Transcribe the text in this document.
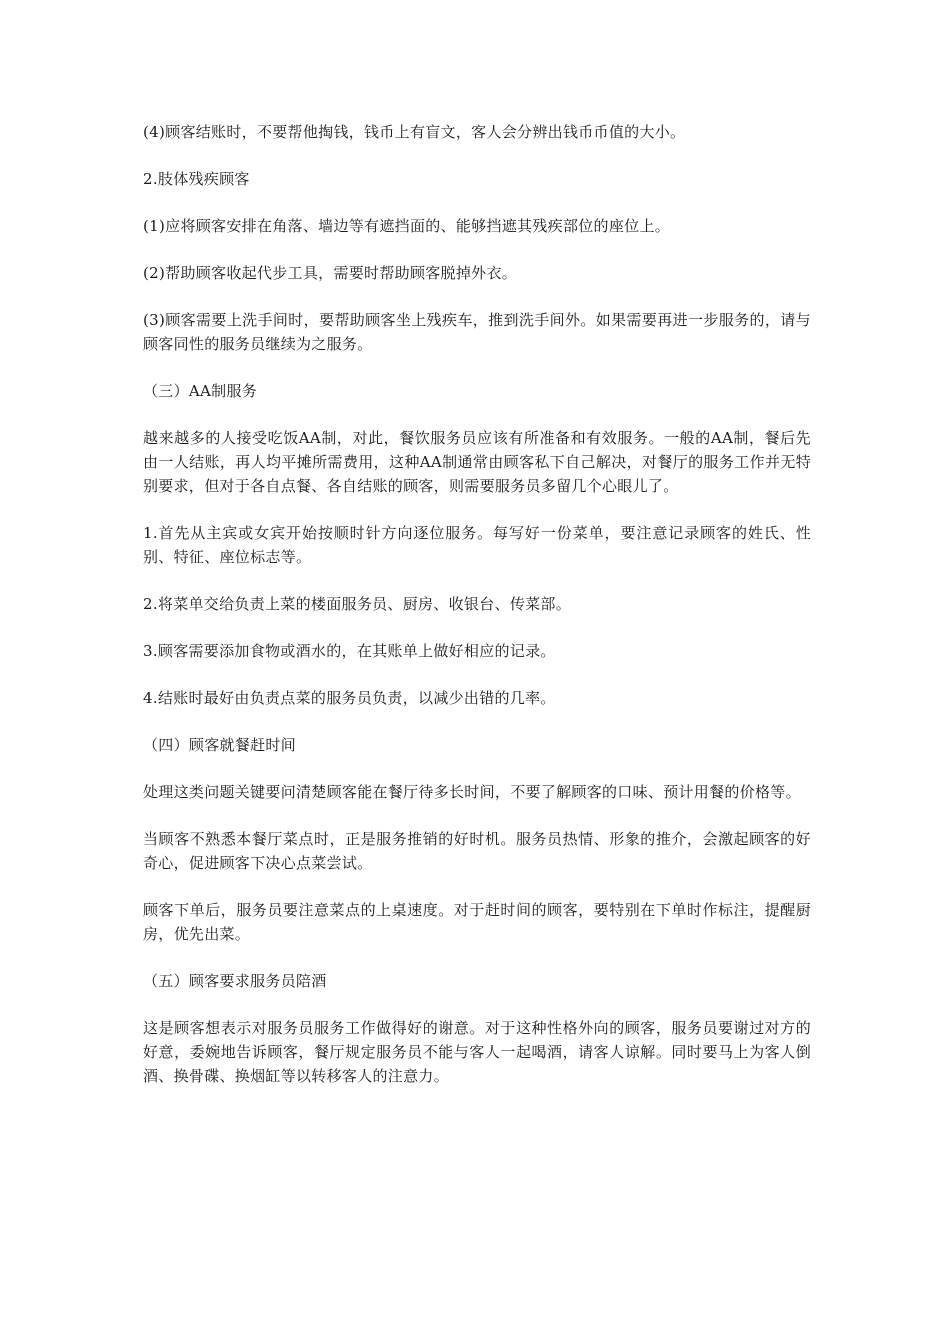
(4)顾客结账时，不要帮他掏钱，钱币上有盲文，客人会分辨出钱币币值的大小。

2.肢体残疾顾客

(1)应将顾客安排在角落、墙边等有遮挡面的、能够挡遮其残疾部位的座位上。

(2)帮助顾客收起代步工具，需要时帮助顾客脱掉外衣。

(3)顾客需要上洗手间时，要帮助顾客坐上残疾车，推到洗手间外。如果需要再进一步服务的，请与顾客同性的服务员继续为之服务。

（三）AA制服务

越来越多的人接受吃饭AA制，对此，餐饮服务员应该有所准备和有效服务。一般的AA制，餐后先由一人结账，再人均平摊所需费用，这种AA制通常由顾客私下自己解决，对餐厅的服务工作并无特别要求，但对于各自点餐、各自结账的顾客，则需要服务员多留几个心眼儿了。

1.首先从主宾或女宾开始按顺时针方向逐位服务。每写好一份菜单，要注意记录顾客的姓氏、性别、特征、座位标志等。

2.将菜单交给负责上菜的楼面服务员、厨房、收银台、传菜部。

3.顾客需要添加食物或酒水的，在其账单上做好相应的记录。

4.结账时最好由负责点菜的服务员负责，以减少出错的几率。

（四）顾客就餐赶时间

处理这类问题关键要问清楚顾客能在餐厅待多长时间，不要了解顾客的口味、预计用餐的价格等。

当顾客不熟悉本餐厅菜点时，正是服务推销的好时机。服务员热情、形象的推介，会激起顾客的好奇心，促进顾客下决心点菜尝试。

顾客下单后，服务员要注意菜点的上桌速度。对于赶时间的顾客，要特别在下单时作标注，提醒厨房，优先出菜。

（五）顾客要求服务员陪酒

这是顾客想表示对服务员服务工作做得好的谢意。对于这种性格外向的顾客，服务员要谢过对方的好意，委婉地告诉顾客，餐厅规定服务员不能与客人一起喝酒，请客人谅解。同时要马上为客人倒酒、换骨碟、换烟缸等以转移客人的注意力。
